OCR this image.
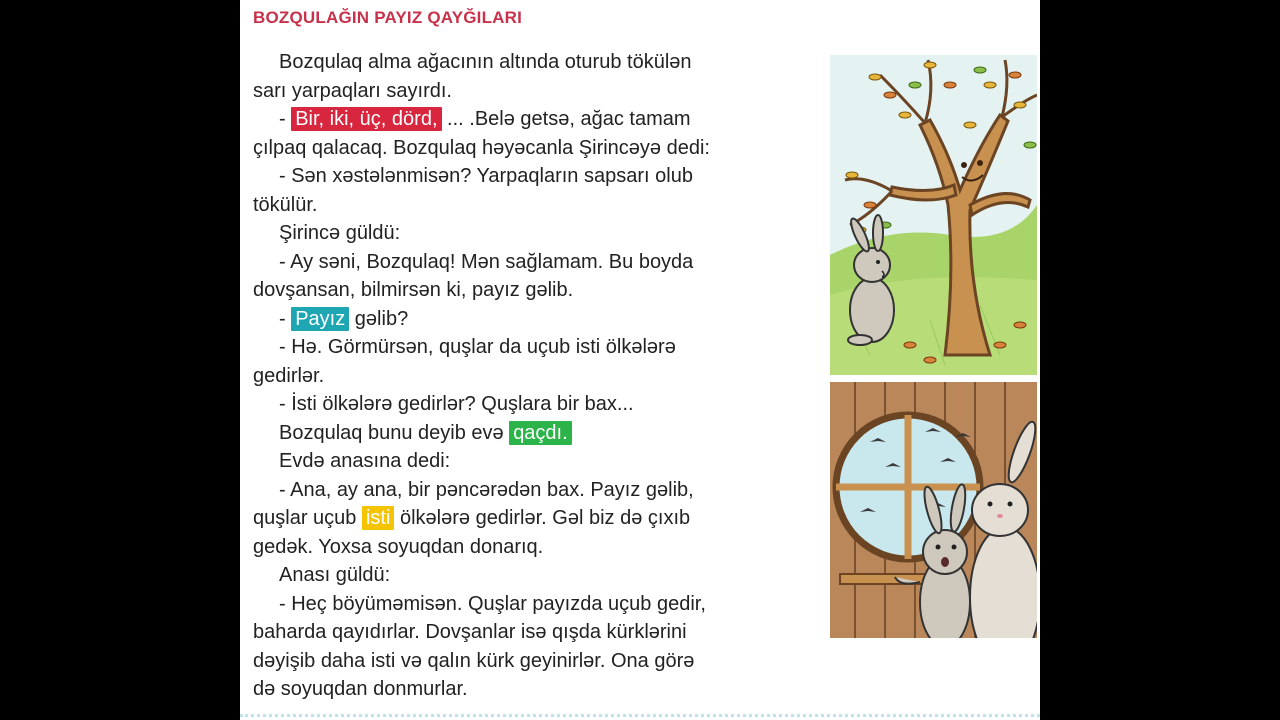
BOZQULAĞIN PAYIZ QAYĞILARI
Bozqulaq alma ağacının altında oturub tökülən
sarı yarpaqları sayırdı.
- Bir, iki, üç, dörd, ... .Belə getsə, ağac tamam
çılpaq qalacaq. Bozqulaq həyəcanla Şirincəyə dedi:
- Sən xəstələnmisən? Yarpaqların sapsarı olub
tökülür.
Şirincə güldü:
- Ay səni, Bozqulaq! Mən sağlamam. Bu boyda
dovşansan, bilmirsən ki, payız gəlib.
- Payız gəlib?
- Hə. Görmürsən, quşlar da uçub isti ölkələrə
gedirlər.
- İsti ölkələrə gedirlər? Quşlara bir bax...
Bozqulaq bunu deyib evə qaçdı.
Evdə anasına dedi:
- Ana, ay ana, bir pəncərədən bax. Payız gəlib,
quşlar uçub isti ölkələrə gedirlər. Gəl biz də çıxıb
gedək. Yoxsa soyuqdan donarıq.
Anası güldü:
- Heç böyüməmisən. Quşlar payızda uçub gedir,
baharda qayıdırlar. Dovşanlar isə qışda kürklərini
dəyişib daha isti və qalın kürk geyinirlər. Ona görə
də soyuqdan donmurlar.
